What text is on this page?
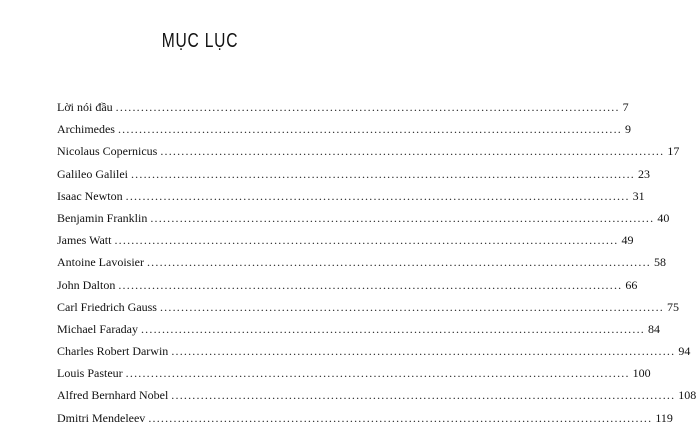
MỤC LỤC
Lời nói đầu .....	7
Archimedes .....	9
Nicolaus Copernicus .....	17
Galileo Galilei .....	23
Isaac Newton .....	31
Benjamin Franklin .....	40
James Watt .....	49
Antoine Lavoisier .....	58
John Dalton .....	66
Carl Friedrich Gauss .....	75
Michael Faraday .....	84
Charles Robert Darwin .....	94
Louis Pasteur .....	100
Alfred Bernhard Nobel .....	108
Dmitri Mendeleev .....	119
